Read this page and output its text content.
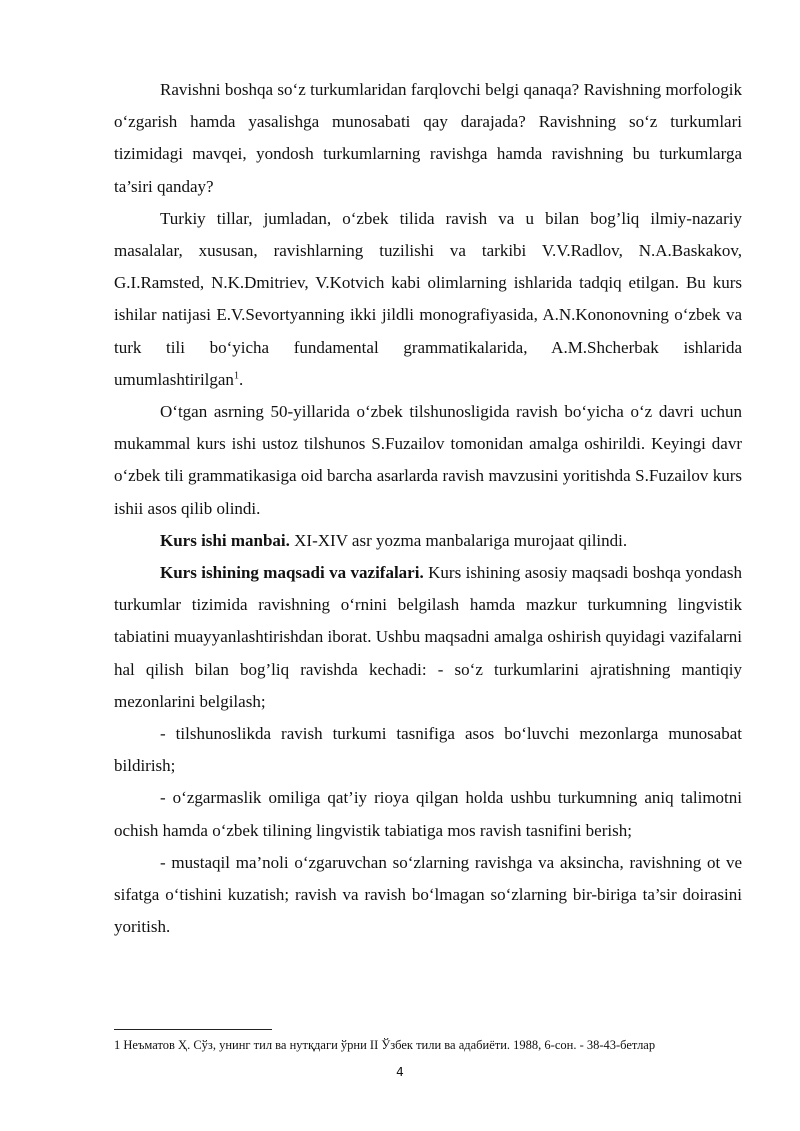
Ravishni boshqa so‘z turkumlaridan farqlovchi belgi qanaqa? Ravishning morfologik o‘zgarish hamda yasalishga munosabati qay darajada? Ravishning so‘z turkumlari tizimidagi mavqei, yondosh turkumlarning ravishga hamda ravishning bu turkumlarga ta’siri qanday?

Turkiy tillar, jumladan, o‘zbek tilida ravish va u bilan bog’liq ilmiy-nazariy masalalar, xususan, ravishlarning tuzilishi va tarkibi V.V.Radlov, N.A.Baskakov, G.I.Ramsted, N.K.Dmitriev, V.Kotvich kabi olimlarning ishlarida tadqiq etilgan. Bu kurs ishilar natijasi E.V.Sevortyanning ikki jildli monografiyasida, A.N.Kononovning o‘zbek va turk tili bo‘yicha fundamental grammatikalarida, A.M.Shcherbak ishlarida umumlashtirilgan$^1$.

O‘tgan asrning 50-yillarida o‘zbek tilshunosligida ravish bo‘yicha o‘z davri uchun mukammal kurs ishi ustoz tilshunos S.Fuzailov tomonidan amalga oshirildi. Keyingi davr o‘zbek tili grammatikasiga oid barcha asarlarda ravish mavzusini yoritishda S.Fuzailov kurs ishii asos qilib olindi.

Kurs ishi manbai. XI-XIV asr yozma manbalariga murojaat qilindi.

Kurs ishining maqsadi va vazifalari. Kurs ishining asosiy maqsadi boshqa yondash turkumlar tizimida ravishning o‘rnini belgilash hamda mazkur turkumning lingvistik tabiatini muayyanlashtirishdan iborat. Ushbu maqsadni amalga oshirish quyidagi vazifalarni hal qilish bilan bog’liq ravishda kechadi: - so‘z turkumlarini ajratishning mantiqiy mezonlarini belgilash;

- tilshunoslikda ravish turkumi tasnifiga asos bo‘luvchi mezonlarga munosabat bildirish;

- o‘zgarmaslik omiliga qat’iy rioya qilgan holda ushbu turkumning aniq talimotni ochish hamda o‘zbek tilining lingvistik tabiatiga mos ravish tasnifini berish;

- mustaqil ma’noli o‘zgaruvchan so‘zlarning ravishga va aksincha, ravishning ot ve sifatga o‘tishini kuzatish; ravish va ravish bo‘lmagan so‘zlarning bir-biriga ta’sir doirasini yoritish.

1 Неъматов Ҳ. Сўз, унинг тил ва нутқдаги ўрни II Ўзбек тили ва адабиёти. 1988, 6-сон. - 38-43-бетлар
4
